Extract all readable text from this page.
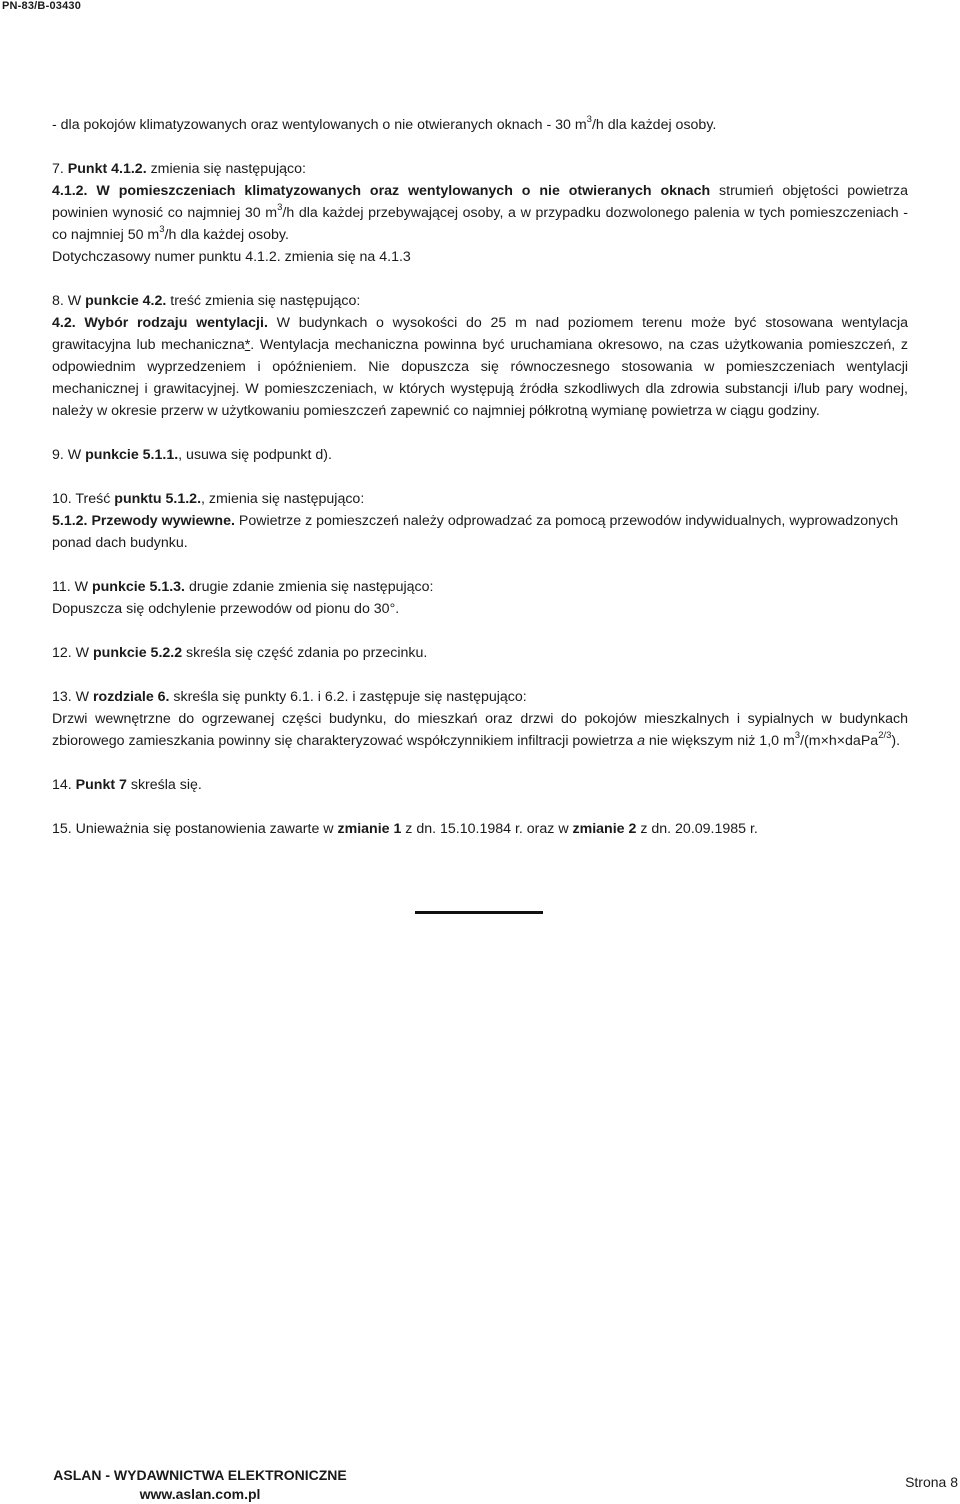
PN-83/B-03430

- dla pokojów klimatyzowanych oraz wentylowanych o nie otwieranych oknach - 30 $m^3/h$ dla każdej osoby.

7. Punkt 4.1.2. zmienia się następująco:

4.1.2. W pomieszczeniach klimatyzowanych oraz wentylowanych o nie otwieranych oknach strumień objętości powietrza powinien wynosić co najmniej 30 $m^3/h$ dla każdej przebywającej osoby, a w przypadku dozwolonego palenia w tych pomieszczeniach - co najmniej 50 $m^3/h$ dla każdej osoby.

Dotychczasowy numer punktu 4.1.2. zmienia się na 4.1.3

8. W punkcie 4.2. treść zmienia się następująco:

4.2. Wybór rodzaju wentylacji. W budynkach o wysokości do 25 m nad poziomem terenu może być stosowana wentylacja grawitacyjna lub mechaniczna*. Wentylacja mechaniczna powinna być uruchamiana okresowo, na czas użytkowania pomieszczeń, z odpowiednim wyprzedzeniem i opóźnieniem. Nie dopuszcza się równoczesnego stosowania w pomieszczeniach wentylacji mechanicznej i grawitacyjnej. W pomieszczeniach, w których występują źródła szkodliwych dla zdrowia substancji i/lub pary wodnej, należy w okresie przerw w użytkowaniu pomieszczeń zapewnić co najmniej półkrotną wymianę powietrza w ciągu godziny.

9. W punkcie 5.1.1., usuwa się podpunkt d).

10. Treść punktu 5.1.2., zmienia się następująco:

5.1.2. Przewody wywiewne. Powietrze z pomieszczeń należy odprowadzać za pomocą przewodów indywidualnych, wyprowadzonych ponad dach budynku.

11. W punkcie 5.1.3. drugie zdanie zmienia się następująco:

Dopuszcza się odchylenie przewodów od pionu do 30°.

12. W punkcie 5.2.2 skreśla się część zdania po przecinku.

13. W rozdziale 6. skreśla się punkty 6.1. i 6.2. i zastępuje się następująco:

Drzwi wewnętrzne do ogrzewanej części budynku, do mieszkań oraz drzwi do pokojów mieszkalnych i sypialnych w budynkach zbiorowego zamieszkania powinny się charakteryzować współczynnikiem infiltracji powietrza a nie większym niż 1,0 $m^3/(m\times h\times daPa^{2/3})$.

14. Punkt 7 skreśla się.

15. Unieważnia się postanowienia zawarte w zmianie 1 z dn. 15.10.1984 r. oraz w zmianie 2 z dn. 20.09.1985 r.

ASLAN - WYDAWNICTWA ELEKTRONICZNE
www.aslan.com.pl
Strona 8
